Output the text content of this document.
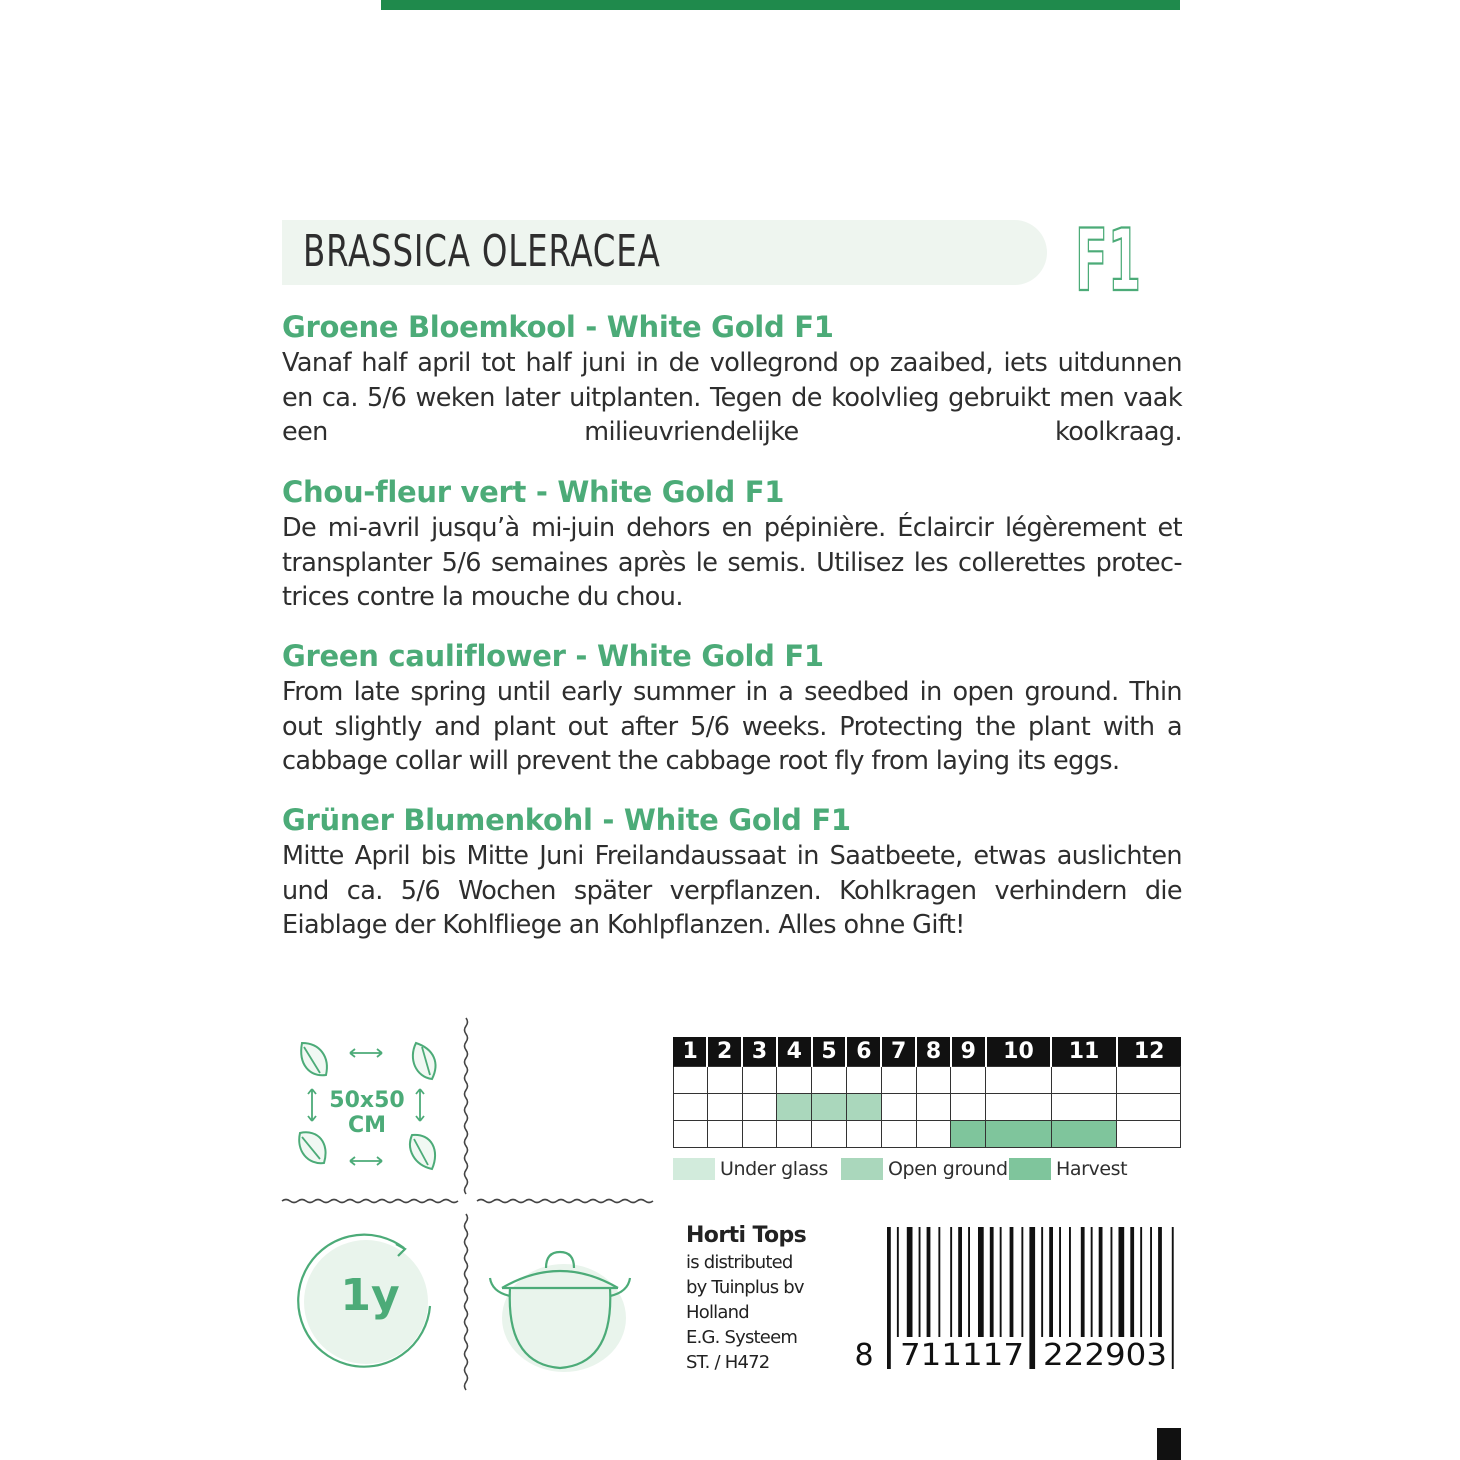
BRASSICA OLERACEA	F1
Groene Bloemkool - White Gold F1

Vanaf half april tot half juni in de vollegrond op zaaibed, iets uitdunnen en ca. 5/6 weken later uitplanten. Tegen de koolvlieg gebruikt men vaak een milieuvriendelijke koolkraag.

Chou-fleur vert - White Gold F1

De mi-avril jusqu’à mi-juin dehors en pépinière. Éclaircir légèrement et transplanter 5/6 semaines après le semis. Utilisez les collerettes protec-trices contre la mouche du chou.

Green cauliflower - White Gold F1

From late spring until early summer in a seedbed in open ground. Thin out slightly and plant out after 5/6 weeks. Protecting the plant with a cabbage collar will prevent the cabbage root fly from laying its eggs.

Grüner Blumenkohl - White Gold F1

Mitte April bis Mitte Juni Freilandaussaat in Saatbeete, etwas auslichten und ca. 5/6 Wochen später verpflanzen. Kohlkragen verhindern die Eiablage der Kohlfliege an Kohlpflanzen. Alles ohne Gift!

50x50 CM
1y
1	2	3	4	5	6	7	8	9	10	11	12

Under glass	Open ground	Harvest
Horti Tops
is distributed
by Tuinplus bv
Holland
E.G. Systeem
ST. / H472	8 711117 222903
